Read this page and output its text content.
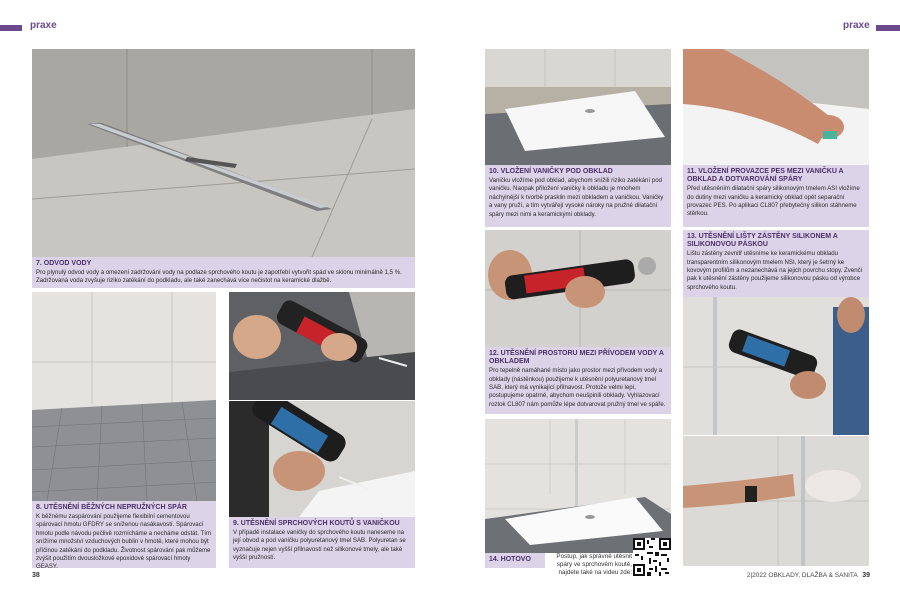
praxe	praxe
7. ODVOD VODY
Pro plynulý odvod vody a omezení zadržování vody na podlaze sprchového koutu je zapotřebí vytvořit spád ve sklonu minimálně 1,5 %. Zadržovaná voda zvyšuje riziko zatékání do podkladu, ale také zanechává více nečistot na keramické dlažbě.
8. UTĚSNĚNÍ BĚŽNÝCH NEPRUŽNÝCH SPÁR
K běžnému zaspárování použijeme flexibilní cementovou spárovací hmotu GFDRY se sníženou nasákavostí. Spárovací hmotu podle návodu pečlivě rozmícháme a necháme odstát. Tím snížíme množství vzduchových bublin v hmotě, které mohou být příčinou zatékání do podkladu. Životnost spárování pak můžeme zvýšit použitím dvousložkové epoxidové spárovací hmoty GEASY.
9. UTĚSNĚNÍ SPRCHOVÝCH KOUTŮ S VANIČKOU
V případě instalace vaničky do sprchového koutu naneseme na její obvod a pod vaničku polyuretanový tmel SAB. Polyuretan se vyznačuje nejen vyšší přilnavostí než silikonové tmely, ale také vyšší pružností.
10. VLOŽENÍ VANIČKY POD OBKLAD
Vaničku vložíme pod obklad, abychom snížili riziko zatékání pod vaničku. Naopak přiložení vaničky k obkladu je mnohem náchylnější k tvorbě prasklin mezi obkladem a vaničkou. Vaničky a vany pruží, a tím vytvářejí vysoké nároky na pružné dilatační spáry mezi nimi a keramickými obklady.
11. VLOŽENÍ PROVAZCE PES MEZI VANIČKU A OBKLAD A DOTVAROVÁNÍ SPÁRY
Před utěsněním dilatační spáry silikonovým tmelem ASI vložíme do dutiny mezi vaničku a keramický obklad opět separační provazec PES. Po aplikaci CL807 přebytečný silikon stáhneme stěrkou.
12. UTĚSNĚNÍ PROSTORU MEZI PŘÍVODEM VODY A OBKLADEM
Pro tepelně namáhané místo jako prostor mezi přívodem vody a obklady (nástěnkou) použijeme k utěsnění polyuretanový tmel SAB, který má vynikající přilnavost. Protože velmi lepí, postupujeme opatrně, abychom neušpinili obklady. Vyhlazovací roztok CL807 nám pomůže lépe dotvarovat pružný tmel ve spáře.
13. UTĚSNĚNÍ LIŠTY ZÁSTĚNY SILIKONEM A SILIKONOVOU PÁSKOU
Lištu zástěny zevnitř utěsníme ke keramickému obkladu transparentním silikonovým tmelem NSI, který je šetrný ke kovovým profilům a nezanechává na jejich povrchu stopy. Zvenčí pak k utěsnění zástěny použijeme silikonovou pásku od výrobce sprchového koutu.
14. HOTOVO	Postup, jak správně utěsnit spáry ve sprchovém koutě, najdete také na videu zde:
38	2|2022 OBKLADY, DLAŽBA & SANITA 39
